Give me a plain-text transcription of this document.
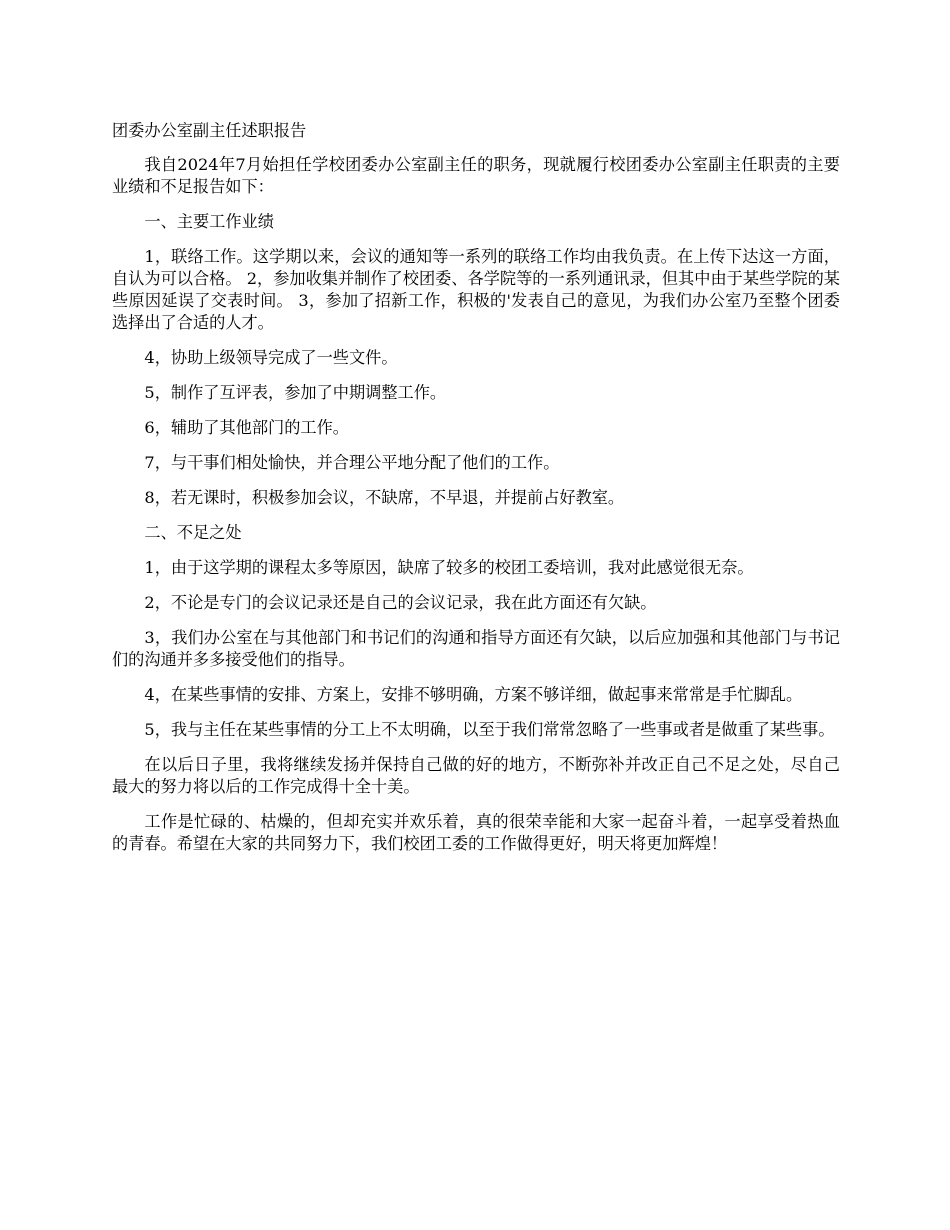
团委办公室副主任述职报告

我自2024年7月始担任学校团委办公室副主任的职务，现就履行校团委办公室副主任职责的主要业绩和不足报告如下：

一、主要工作业绩

1，联络工作。这学期以来，会议的通知等一系列的联络工作均由我负责。在上传下达这一方面，自认为可以合格。 2，参加收集并制作了校团委、各学院等的一系列通讯录，但其中由于某些学院的某些原因延误了交表时间。 3，参加了招新工作，积极的'发表自己的意见，为我们办公室乃至整个团委选择出了合适的人才。

4，协助上级领导完成了一些文件。

5，制作了互评表，参加了中期调整工作。

6，辅助了其他部门的工作。

7，与干事们相处愉快，并合理公平地分配了他们的工作。

8，若无课时，积极参加会议，不缺席，不早退，并提前占好教室。

二、不足之处

1，由于这学期的课程太多等原因，缺席了较多的校团工委培训，我对此感觉很无奈。

2，不论是专门的会议记录还是自己的会议记录，我在此方面还有欠缺。

3，我们办公室在与其他部门和书记们的沟通和指导方面还有欠缺，以后应加强和其他部门与书记们的沟通并多多接受他们的指导。

4，在某些事情的安排、方案上，安排不够明确，方案不够详细，做起事来常常是手忙脚乱。

5，我与主任在某些事情的分工上不太明确，以至于我们常常忽略了一些事或者是做重了某些事。

在以后日子里，我将继续发扬并保持自己做的好的地方，不断弥补并改正自己不足之处，尽自己最大的努力将以后的工作完成得十全十美。

工作是忙碌的、枯燥的，但却充实并欢乐着，真的很荣幸能和大家一起奋斗着，一起享受着热血的青春。希望在大家的共同努力下，我们校团工委的工作做得更好，明天将更加辉煌！
